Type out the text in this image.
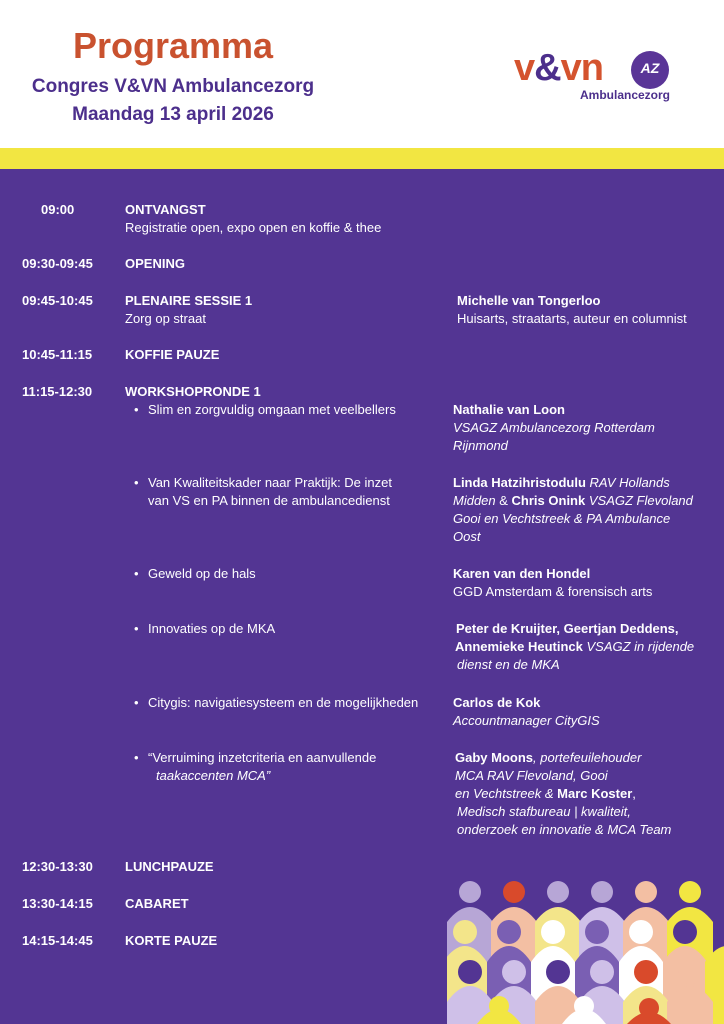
Programma
Congres V&VN Ambulancezorg
Maandag 13 april 2026
v&vn	AZ
Ambulancezorg
09:00	ONTVANGST
Registratie open, expo open en koffie & thee
09:30-09:45 OPENING
09:45-10:45 PLENAIRE SESSIE 1
Zorg op straat
Michelle van Tongerloo
Huisarts, straatarts, auteur en columnist
10:45-11:15	KOFFIE PAUZE
11:15-12:30	WORKSHOPRONDE 1
• Slim en zorgvuldig omgaan met veelbellers	Nathalie van Loon
VSAGZ Ambulancezorg Rotterdam
Rijnmond
• Van Kwaliteitskader naar Praktijk: De inzet
van VS en PA binnen de ambulancedienst
Linda Hatzihristodulu RAV Hollands
Midden & Chris Onink VSAGZ Flevoland
Gooi en Vechtstreek & PA Ambulance
Oost
• Geweld op de hals	Karen van den Hondel
GGD Amsterdam & forensisch arts
• Innovaties op de MKA	Peter de Kruijter, Geertjan Deddens,
Annemieke Heutinck VSAGZ in rijdende
dienst en de MKA
• Citygis: navigatiesysteem en de mogelijkheden	Carlos de Kok
Accountmanager CityGIS
• “Verruiming inzetcriteria en aanvullende
taakaccenten MCA”
Gaby Moons, portefeuilehouder
MCA RAV Flevoland, Gooi
en Vechtstreek & Marc Koster,
Medisch stafbureau | kwaliteit,
onderzoek en innovatie & MCA Team
12:30-13:30 LUNCHPAUZE
13:30-14:15 CABARET
14:15-14:45 KORTE PAUZE
